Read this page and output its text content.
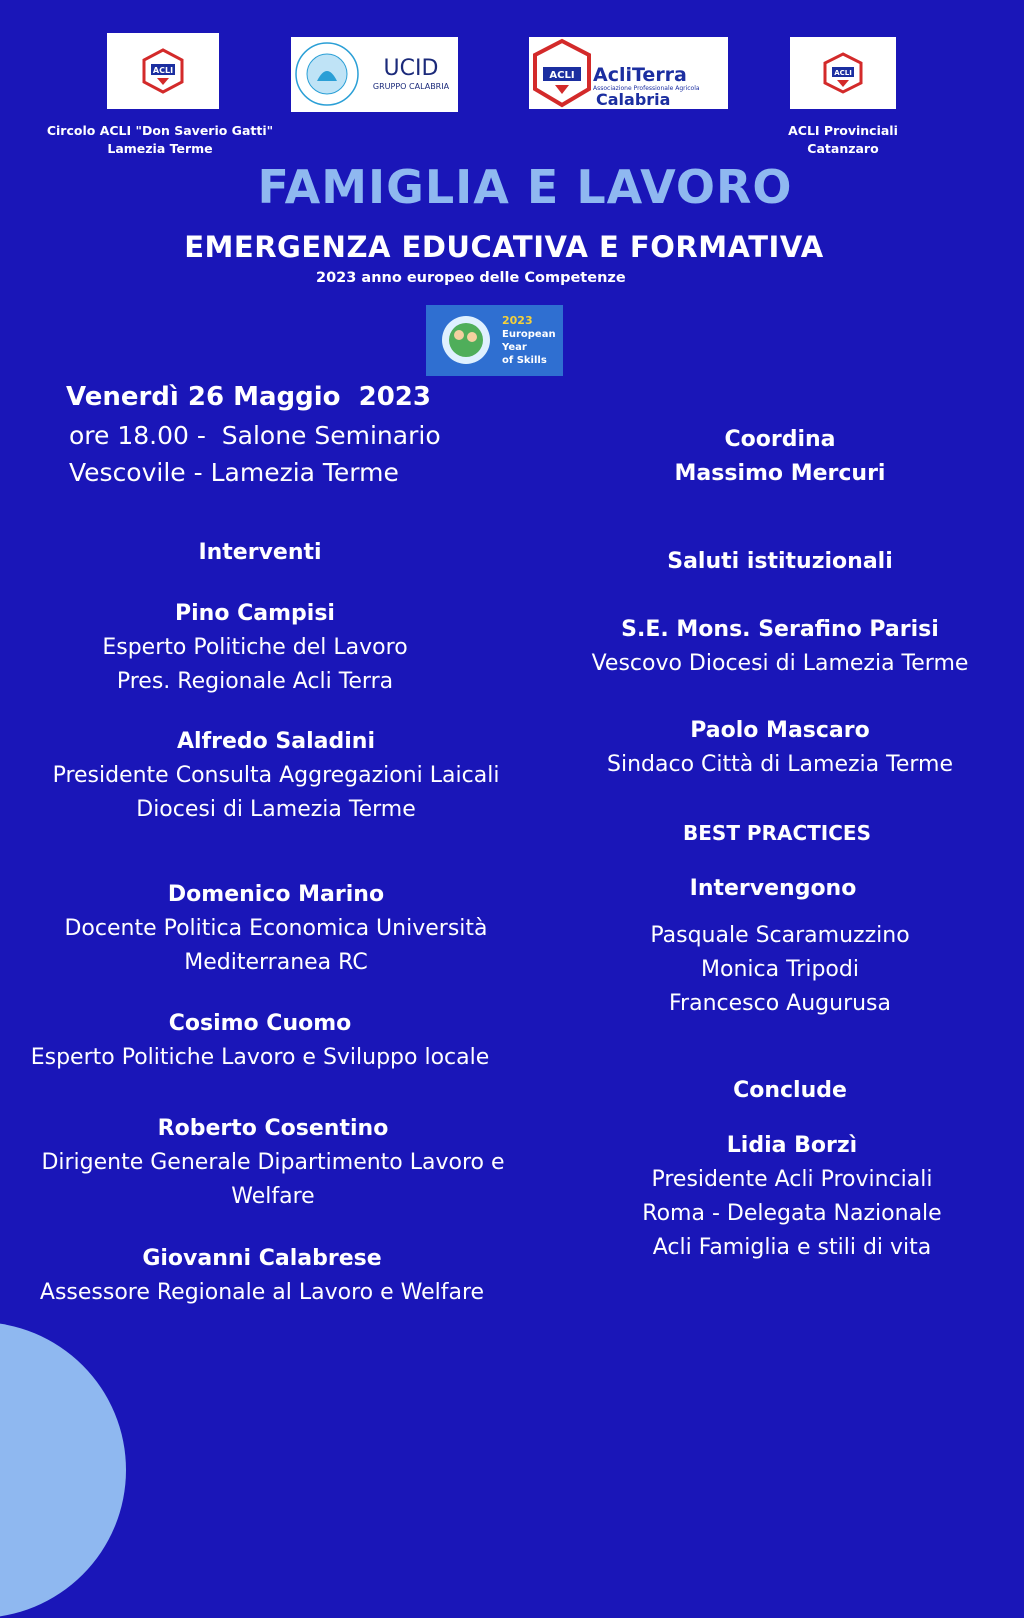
ACLI	UCID
GRUPPO CALABRIA
ACLI AcliTerra
Associazione Professionale Agricola
Calabria
ACLI
Circolo ACLI "Don Saverio Gatti"
Lamezia Terme
ACLI Provinciali
Catanzaro
FAMIGLIA E LAVORO
EMERGENZA EDUCATIVA E FORMATIVA
2023 anno europeo delle Competenze
2023
European
Year
of Skills
Venerdì 26 Maggio  2023
ore 18.00 -  Salone Seminario
Vescovile - Lamezia Terme
Coordina
Massimo Mercuri
Interventi
Pino Campisi
Esperto Politiche del Lavoro
Pres. Regionale Acli Terra
Alfredo Saladini
Presidente Consulta Aggregazioni Laicali
Diocesi di Lamezia Terme
Domenico Marino
Docente Politica Economica Università
Mediterranea RC
Cosimo Cuomo
Esperto Politiche Lavoro e Sviluppo locale
Roberto Cosentino
Dirigente Generale Dipartimento Lavoro e
Welfare
Giovanni Calabrese
Assessore Regionale al Lavoro e Welfare
Saluti istituzionali
S.E. Mons. Serafino Parisi
Vescovo Diocesi di Lamezia Terme
Paolo Mascaro
Sindaco Città di Lamezia Terme
BEST PRACTICES
Intervengono
Pasquale Scaramuzzino
Monica Tripodi
Francesco Augurusa
Conclude
Lidia Borzì
Presidente Acli Provinciali
Roma - Delegata Nazionale
Acli Famiglia e stili di vita
